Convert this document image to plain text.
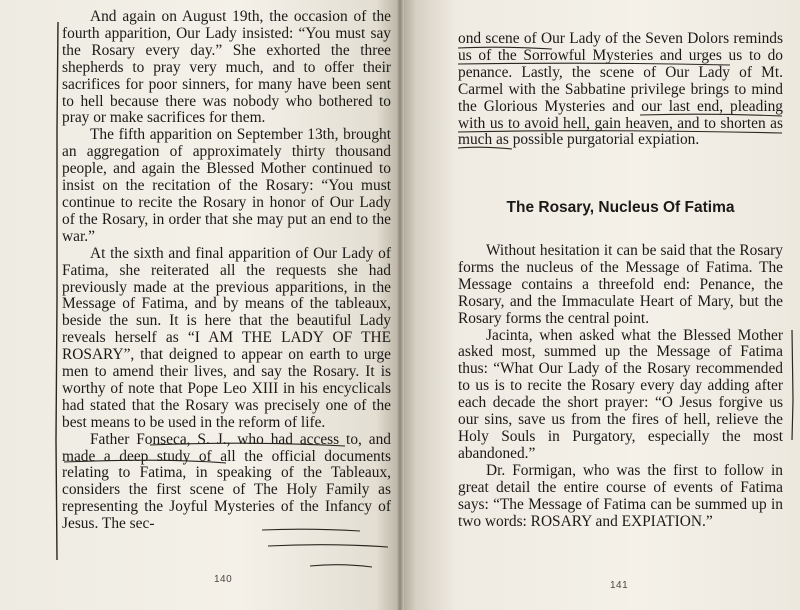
And again on August 19th, the occasion of the fourth apparition, Our Lady insisted: “You must say the Rosary every day.” She exhorted the three shepherds to pray very much, and to offer their sacrifices for poor sinners, for many have been sent to hell because there was nobody who bothered to pray or make sacrifices for them.

The fifth apparition on September 13th, brought an aggregation of approximately thirty thousand people, and again the Blessed Mother continued to insist on the recitation of the Rosary: “You must continue to recite the Rosary in honor of Our Lady of the Rosary, in order that she may put an end to the war.”

At the sixth and final apparition of Our Lady of Fatima, she reiterated all the requests she had previously made at the previous apparitions, in the Message of Fatima, and by means of the tableaux, beside the sun. It is here that the beautiful Lady reveals herself as “I AM THE LADY OF THE ROSARY”, that deigned to appear on earth to urge men to amend their lives, and say the Rosary. It is worthy of note that Pope Leo XIII in his encyclicals had stated that the Rosary was precisely one of the best means to be used in the reform of life.

Father Fonseca, S. J., who had access to, and made a deep study of all the official documents relating to Fatima, in speaking of the Tableaux, considers the first scene of The Holy Family as representing the Joyful Mysteries of the Infancy of Jesus. The sec-

140

ond scene of Our Lady of the Seven Dolors reminds us of the Sorrowful Mysteries and urges us to do penance. Lastly, the scene of Our Lady of Mt. Carmel with the Sabbatine privilege brings to mind the Glorious Mysteries and our last end, pleading with us to avoid hell, gain heaven, and to shorten as much as possible purgatorial expiation.

The Rosary, Nucleus Of Fatima

Without hesitation it can be said that the Rosary forms the nucleus of the Message of Fatima. The Message contains a threefold end: Penance, the Rosary, and the Immaculate Heart of Mary, but the Rosary forms the central point.

Jacinta, when asked what the Blessed Mother asked most, summed up the Message of Fatima thus: “What Our Lady of the Rosary recommended to us is to recite the Rosary every day adding after each decade the short prayer: “O Jesus forgive us our sins, save us from the fires of hell, relieve the Holy Souls in Purgatory, especially the most abandoned.”

Dr. Formigan, who was the first to follow in great detail the entire course of events of Fatima says: “The Message of Fatima can be summed up in two words: ROSARY and EXPIATION.”

141
